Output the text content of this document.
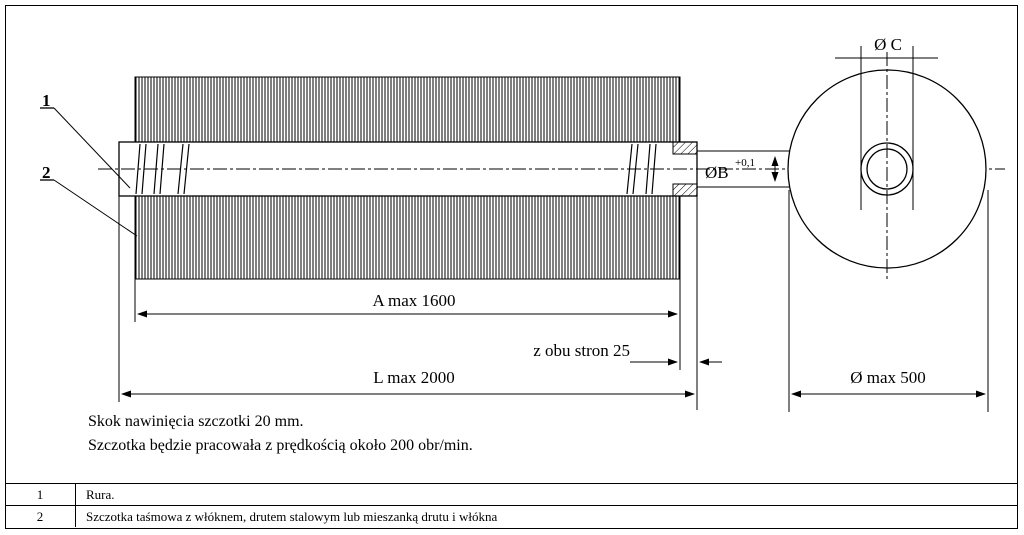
Ø C
ØB +0,1
A max 1600
z obu stron 25
L max 2000	Ø max 500
1
2
Skok nawinięcia szczotki 20 mm.
Szczotka będzie pracowała z prędkością około 200 obr/min.
1	Rura.
2	Szczotka taśmowa z włóknem, drutem stalowym lub mieszanką drutu i włókna
